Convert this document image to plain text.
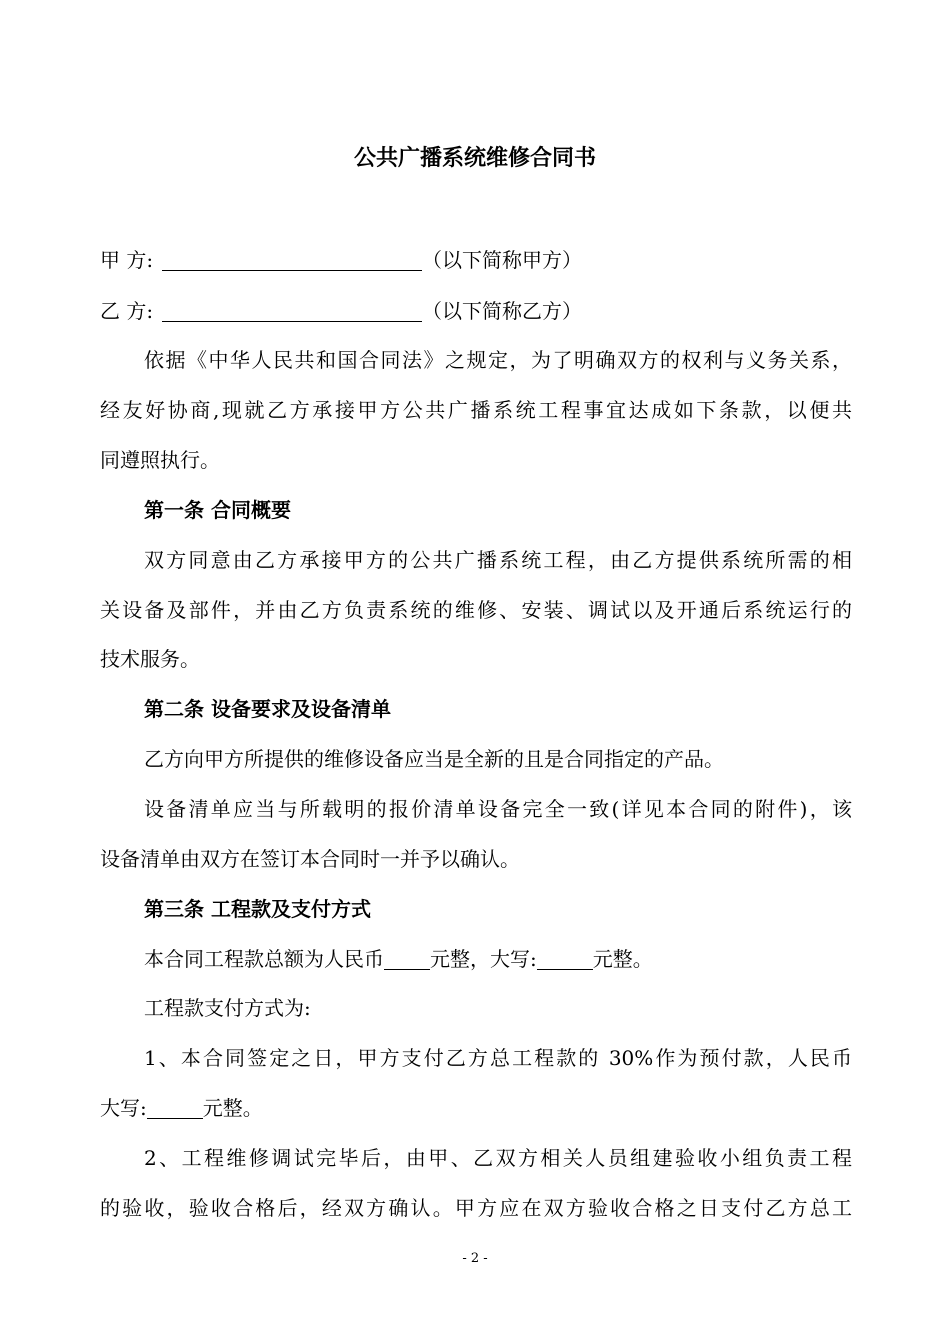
公共广播系统维修合同书

甲 方:	（以下简称甲方）

乙 方:	（以下简称乙方）

依据《中华人民共和国合同法》之规定，为了明确双方的权利与义务关系，

经友好协商,现就乙方承接甲方公共广播系统工程事宜达成如下条款，以便共

同遵照执行。

第一条 合同概要

双方同意由乙方承接甲方的公共广播系统工程，由乙方提供系统所需的相

关设备及部件，并由乙方负责系统的维修、安装、调试以及开通后系统运行的

技术服务。

第二条 设备要求及设备清单

乙方向甲方所提供的维修设备应当是全新的且是合同指定的产品。

设备清单应当与所载明的报价清单设备完全一致(详见本合同的附件)，该

设备清单由双方在签订本合同时一并予以确认。

第三条 工程款及支付方式

本合同工程款总额为人民币 元整，大写:	元整。

工程款支付方式为:

1、本合同签定之日，甲方支付乙方总工程款的 30%作为预付款，人民币

大写:	元整。

2、工程维修调试完毕后，由甲、乙双方相关人员组建验收小组负责工程

的验收，验收合格后，经双方确认。甲方应在双方验收合格之日支付乙方总工

- 2 -
